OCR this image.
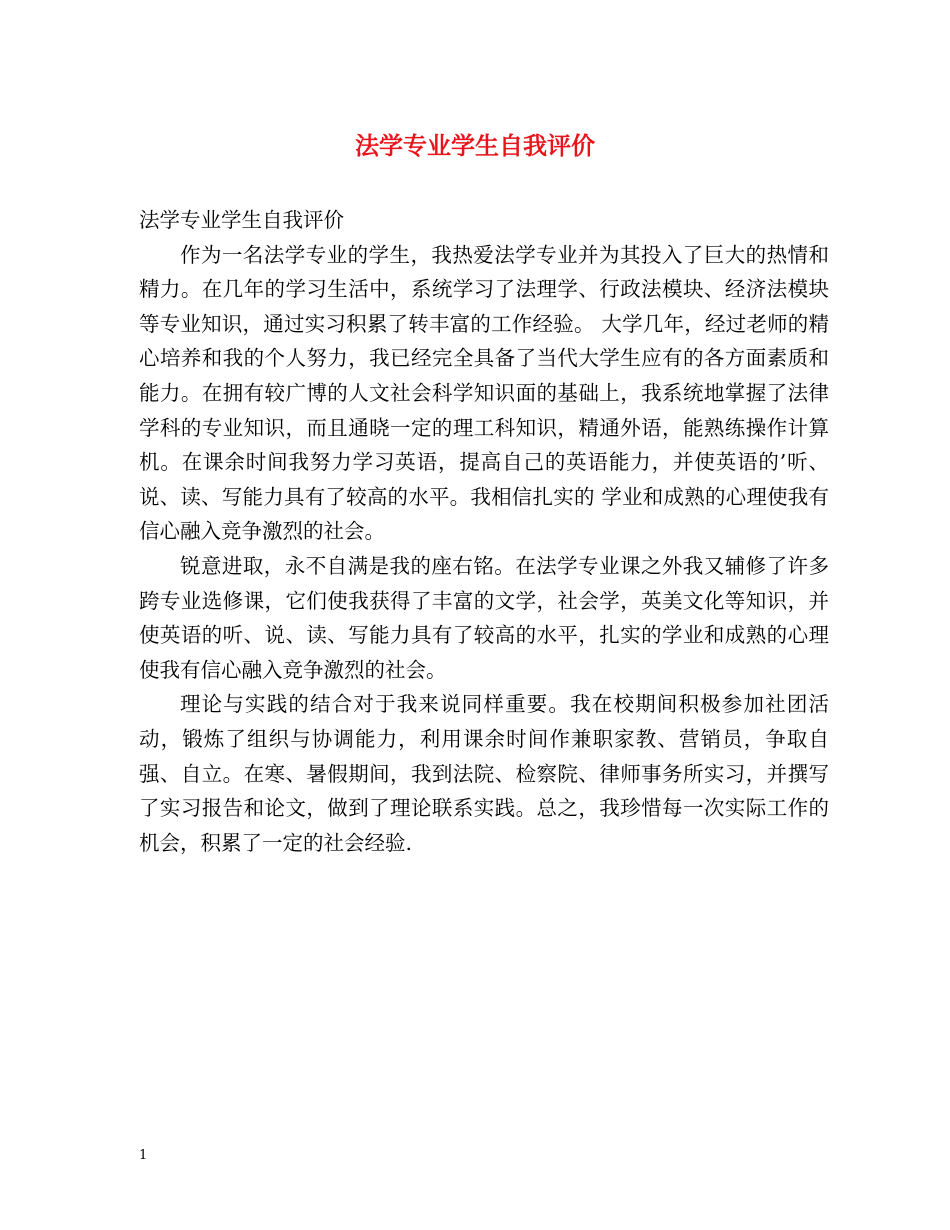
法学专业学生自我评价

法学专业学生自我评价

作为一名法学专业的学生，我热爱法学专业并为其投入了巨大的热情和精力。在几年的学习生活中，系统学习了法理学、行政法模块、经济法模块等专业知识，通过实习积累了转丰富的工作经验。 大学几年，经过老师的精心培养和我的个人努力，我已经完全具备了当代大学生应有的各方面素质和能力。在拥有较广博的人文社会科学知识面的基础上，我系统地掌握了法律学科的专业知识，而且通晓一定的理工科知识，精通外语，能熟练操作计算机。在课余时间我努力学习英语，提高自己的英语能力，并使英语的’听、说、读、写能力具有了较高的水平。我相信扎实的 学业和成熟的心理使我有信心融入竞争激烈的社会。

锐意进取，永不自满是我的座右铭。在法学专业课之外我又辅修了许多跨专业选修课，它们使我获得了丰富的文学，社会学，英美文化等知识，并使英语的听、说、读、写能力具有了较高的水平，扎实的学业和成熟的心理使我有信心融入竞争激烈的社会。

理论与实践的结合对于我来说同样重要。我在校期间积极参加社团活动，锻炼了组织与协调能力，利用课余时间作兼职家教、营销员，争取自强、自立。在寒、暑假期间，我到法院、检察院、律师事务所实习，并撰写了实习报告和论文，做到了理论联系实践。总之，我珍惜每一次实际工作的机会，积累了一定的社会经验.

1
